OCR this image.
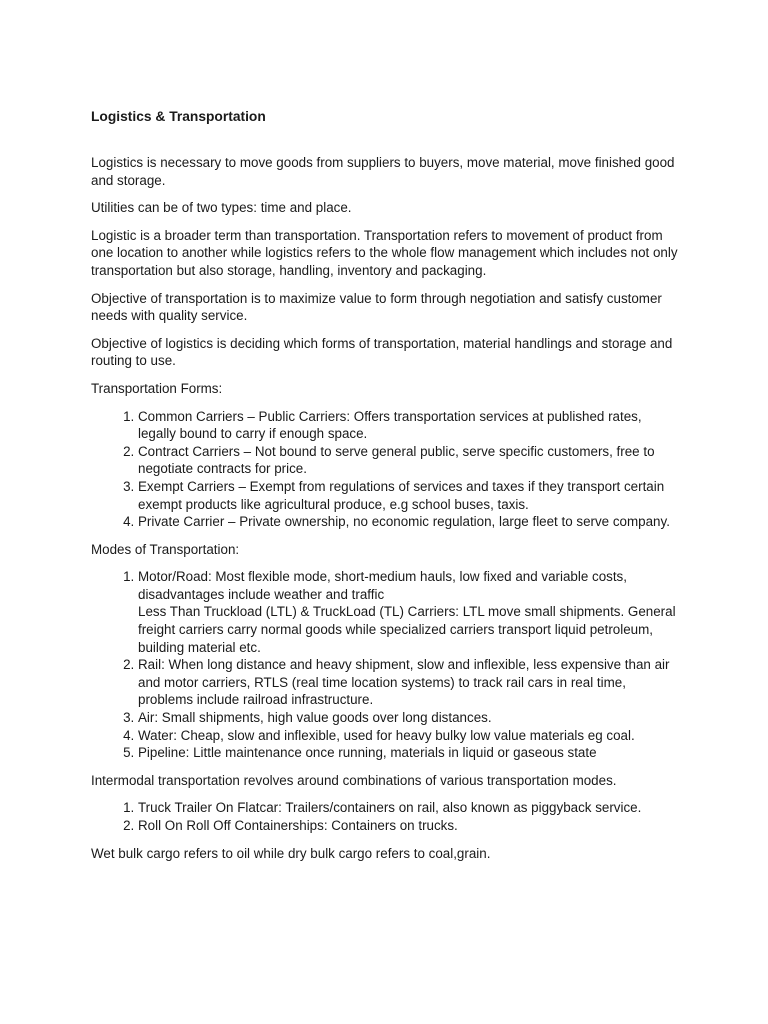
Logistics & Transportation

Logistics is necessary to move goods from suppliers to buyers, move material, move finished good and storage.

Utilities can be of two types: time and place.

Logistic is a broader term than transportation. Transportation refers to movement of product from one location to another while logistics refers to the whole flow management which includes not only transportation but also storage, handling, inventory and packaging.

Objective of transportation is to maximize value to form through negotiation and satisfy customer needs with quality service.

Objective of logistics is deciding which forms of transportation, material handlings and storage and routing to use.

Transportation Forms:

1. Common Carriers – Public Carriers: Offers transportation services at published rates, legally bound to carry if enough space.
2. Contract Carriers – Not bound to serve general public, serve specific customers, free to negotiate contracts for price.
3. Exempt Carriers – Exempt from regulations of services and taxes if they transport certain exempt products like agricultural produce, e.g school buses, taxis.
4. Private Carrier – Private ownership, no economic regulation, large fleet to serve company.

Modes of Transportation:

1. Motor/Road: Most flexible mode, short-medium hauls, low fixed and variable costs, disadvantages include weather and traffic
Less Than Truckload (LTL) & TruckLoad (TL) Carriers: LTL move small shipments. General freight carriers carry normal goods while specialized carriers transport liquid petroleum, building material etc.
2. Rail: When long distance and heavy shipment, slow and inflexible, less expensive than air and motor carriers, RTLS (real time location systems) to track rail cars in real time, problems include railroad infrastructure.
3. Air: Small shipments, high value goods over long distances.
4. Water: Cheap, slow and inflexible, used for heavy bulky low value materials eg coal.
5. Pipeline: Little maintenance once running, materials in liquid or gaseous state

Intermodal transportation revolves around combinations of various transportation modes.

1. Truck Trailer On Flatcar: Trailers/containers on rail, also known as piggyback service.
2. Roll On Roll Off Containerships: Containers on trucks.

Wet bulk cargo refers to oil while dry bulk cargo refers to coal,grain.
